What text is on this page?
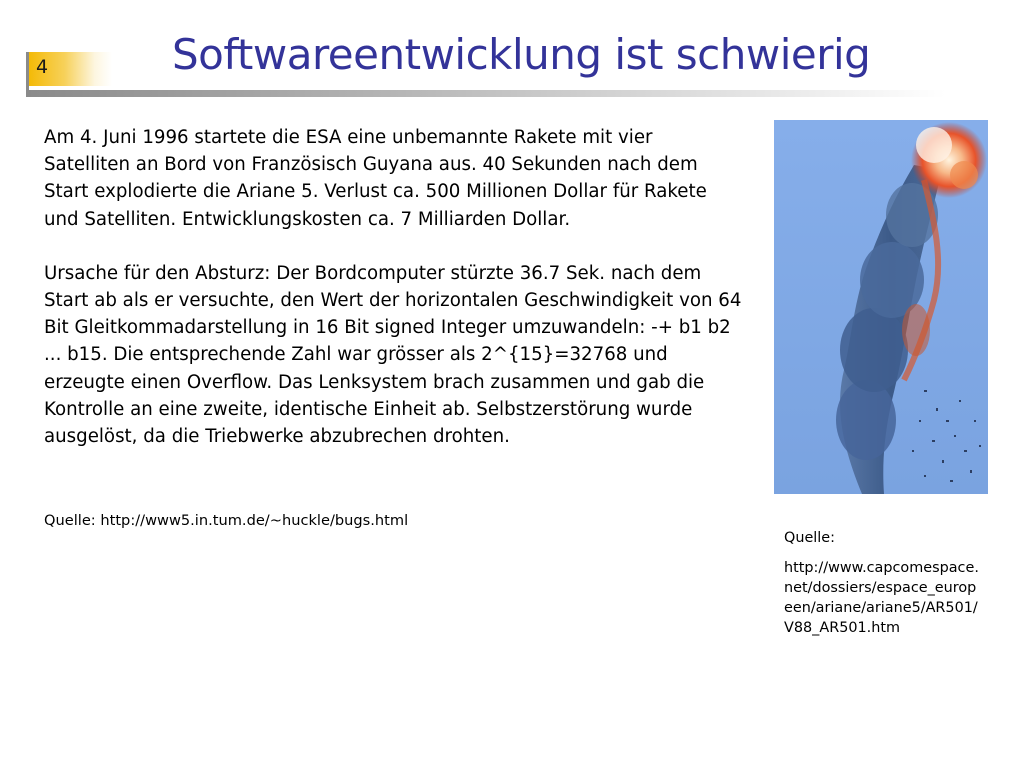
4	Softwareentwicklung ist schwierig

Am 4. Juni 1996 startete die ESA eine unbemannte Rakete mit vier Satelliten an Bord von Französisch Guyana aus. 40 Sekunden nach dem Start explodierte die Ariane 5. Verlust ca. 500 Millionen Dollar für Rakete und Satelliten. Entwicklungskosten ca. 7 Milliarden Dollar.

Ursache für den Absturz: Der Bordcomputer stürzte 36.7 Sek. nach dem Start ab als er versuchte, den Wert der horizontalen Geschwindigkeit von 64 Bit Gleitkommadarstellung in 16 Bit signed Integer umzuwandeln: -+ b1 b2 ... b15. Die entsprechende Zahl war grösser als 2^{15}=32768 und erzeugte einen Overflow. Das Lenksystem brach zusammen und gab die Kontrolle an eine zweite, identische Einheit ab. Selbstzerstörung wurde ausgelöst, da die Triebwerke abzubrechen drohten.

Quelle: http://www5.in.tum.de/~huckle/bugs.html
Quelle:
http://www.capcomespace.net/dossiers/espace_europeen/ariane/ariane5/AR501/V88_AR501.htm
